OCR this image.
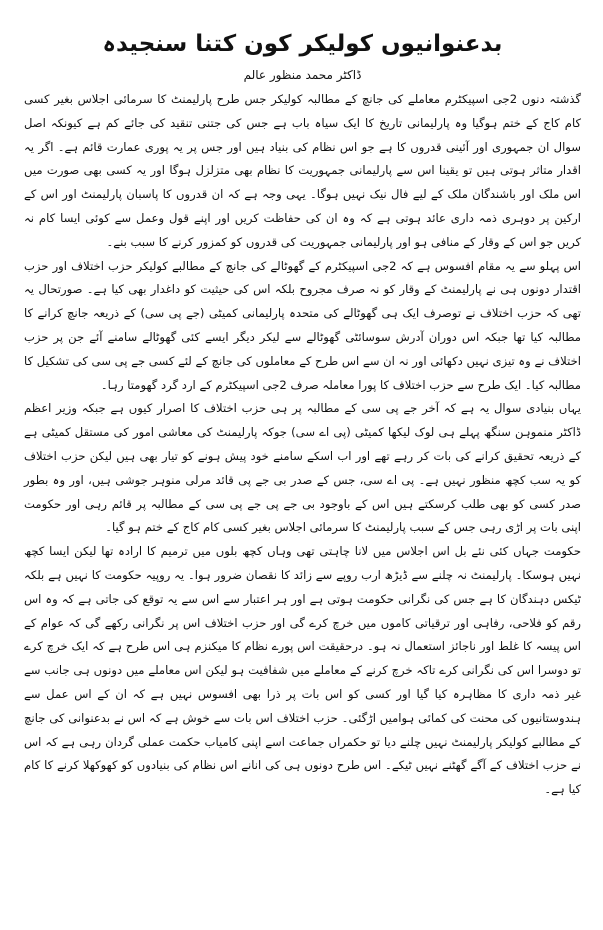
بدعنوانیوں کولیکر کون کتنا سنجیدہ
ڈاکٹر محمد منظور عالم

گذشتہ دنوں 2جی اسپیکٹرم معاملے کی جانچ کے مطالبہ کولیکر جس طرح پارلیمنٹ کا سرمائی اجلاس بغیر کسی کام کاج کے ختم ہوگیا وہ پارلیمانی تاریخ کا ایک سیاہ باب ہے جس کی جتنی تنقید کی جائے کم ہے کیونکہ اصل سوال ان جمہوری اور آئینی قدروں کا ہے جو اس نظام کی بنیاد ہیں اور جس پر یہ پوری عمارت قائم ہے۔ اگر یہ اقدار متاثر ہوتی ہیں تو یقینا اس سے پارلیمانی جمہوریت کا نظام بھی متزلزل ہوگا اور یہ کسی بھی صورت میں اس ملک اور باشندگان ملک کے لیے فال نیک نہیں ہوگا۔ یہی وجہ ہے کہ ان قدروں کا پاسبان پارلیمنٹ اور اس کے ارکین پر دوہری ذمہ داری عائد ہوتی ہے کہ وہ ان کی حفاظت کریں اور اپنے قول وعمل سے کوئی ایسا کام نہ کریں جو اس کے وقار کے منافی ہو اور پارلیمانی جمہوریت کی قدروں کو کمزور کرنے کا سبب بنے۔

اس پہلو سے یہ مقام افسوس ہے کہ 2جی اسپیکٹرم کے گھوٹالے کی جانچ کے مطالبے کولیکر حزب اختلاف اور حزب اقتدار دونوں ہی نے پارلیمنٹ کے وقار کو نہ صرف مجروح بلکہ اس کی حیثیت کو داغدار بھی کیا ہے۔ صورتحال یہ تھی کہ حزب اختلاف نے توصرف ایک ہی گھوٹالے کی متحدہ پارلیمانی کمیٹی (جے پی سی) کے ذریعہ جانچ کرانے کا مطالبہ کیا تھا جبکہ اس دوران آدرش سوسائٹی گھوٹالے سے لیکر دیگر ایسے کئی گھوٹالے سامنے آئے جن پر حزب اختلاف نے وہ تیزی نہیں دکھائی اور نہ ان سے اس طرح کے معاملوں کی جانچ کے لئے کسی جے پی سی کی تشکیل کا مطالبہ کیا۔ ایک طرح سے حزب اختلاف کا پورا معاملہ صرف 2جی اسپیکٹرم کے ارد گرد گھومتا رہا۔

یہاں بنیادی سوال یہ ہے کہ آخر جے پی سی کے مطالبہ پر ہی حزب اختلاف کا اصرار کیوں ہے جبکہ وزیر اعظم ڈاکٹر منموہن سنگھ پہلے ہی لوک لیکھا کمیٹی (پی اے سی) جوکہ پارلیمنٹ کی معاشی امور کی مستقل کمیٹی ہے کے ذریعہ تحقیق کرانے کی بات کر رہے تھے اور اب اسکے سامنے خود پیش ہونے کو تیار بھی ہیں لیکن حزب اختلاف کو یہ سب کچھ منظور نہیں ہے۔ پی اے سی، جس کے صدر بی جے پی قائد مرلی منوہر جوشی ہیں، اور وہ بطور صدر کسی کو بھی طلب کرسکتے ہیں اس کے باوجود بی جے پی جے پی سی کے مطالبہ پر قائم رہی اور حکومت اپنی بات پر اڑی رہی جس کے سبب پارلیمنٹ کا سرمائی اجلاس بغیر کسی کام کاج کے ختم ہو گیا۔

حکومت جہاں کئی نئے بل اس اجلاس میں لانا چاہتی تھی وہاں کچھ بلوں میں ترمیم کا ارادہ تھا لیکن ایسا کچھ نہیں ہوسکا۔ پارلیمنٹ نہ چلنے سے ڈیڑھ ارب روپے سے زائد کا نقصان ضرور ہوا۔ یہ روپیہ حکومت کا نہیں ہے بلکہ ٹیکس دہندگان کا ہے جس کی نگرانی حکومت ہوتی ہے اور ہر اعتبار سے اس سے یہ توقع کی جاتی ہے کہ وہ اس رقم کو فلاحی، رفاہی اور ترقیاتی کاموں میں خرچ کرے گی اور حزب اختلاف اس پر نگرانی رکھے گی کہ عوام کے اس پیسہ کا غلط اور ناجائز استعمال نہ ہو۔ درحقیقت اس پورے نظام کا میکنزم ہی اس طرح ہے کہ ایک خرچ کرے تو دوسرا اس کی نگرانی کرے تاکہ خرچ کرنے کے معاملے میں شفافیت ہو لیکن اس معاملے میں دونوں ہی جانب سے غیر ذمہ داری کا مظاہرہ کیا گیا اور کسی کو اس بات پر ذرا بھی افسوس نہیں ہے کہ ان کے اس عمل سے ہندوستانیوں کی محنت کی کمائی ہوامیں اڑگئی۔ حزب اختلاف اس بات سے خوش ہے کہ اس نے بدعنوانی کی جانچ کے مطالبے کولیکر پارلیمنٹ نہیں چلنے دیا تو حکمراں جماعت اسے اپنی کامیاب حکمت عملی گردان رہی ہے کہ اس نے حزب اختلاف کے آگے گھٹنے نہیں ٹیکے۔ اس طرح دونوں ہی کی انانے اس نظام کی بنیادوں کو کھوکھلا کرنے کا کام کیا ہے۔
